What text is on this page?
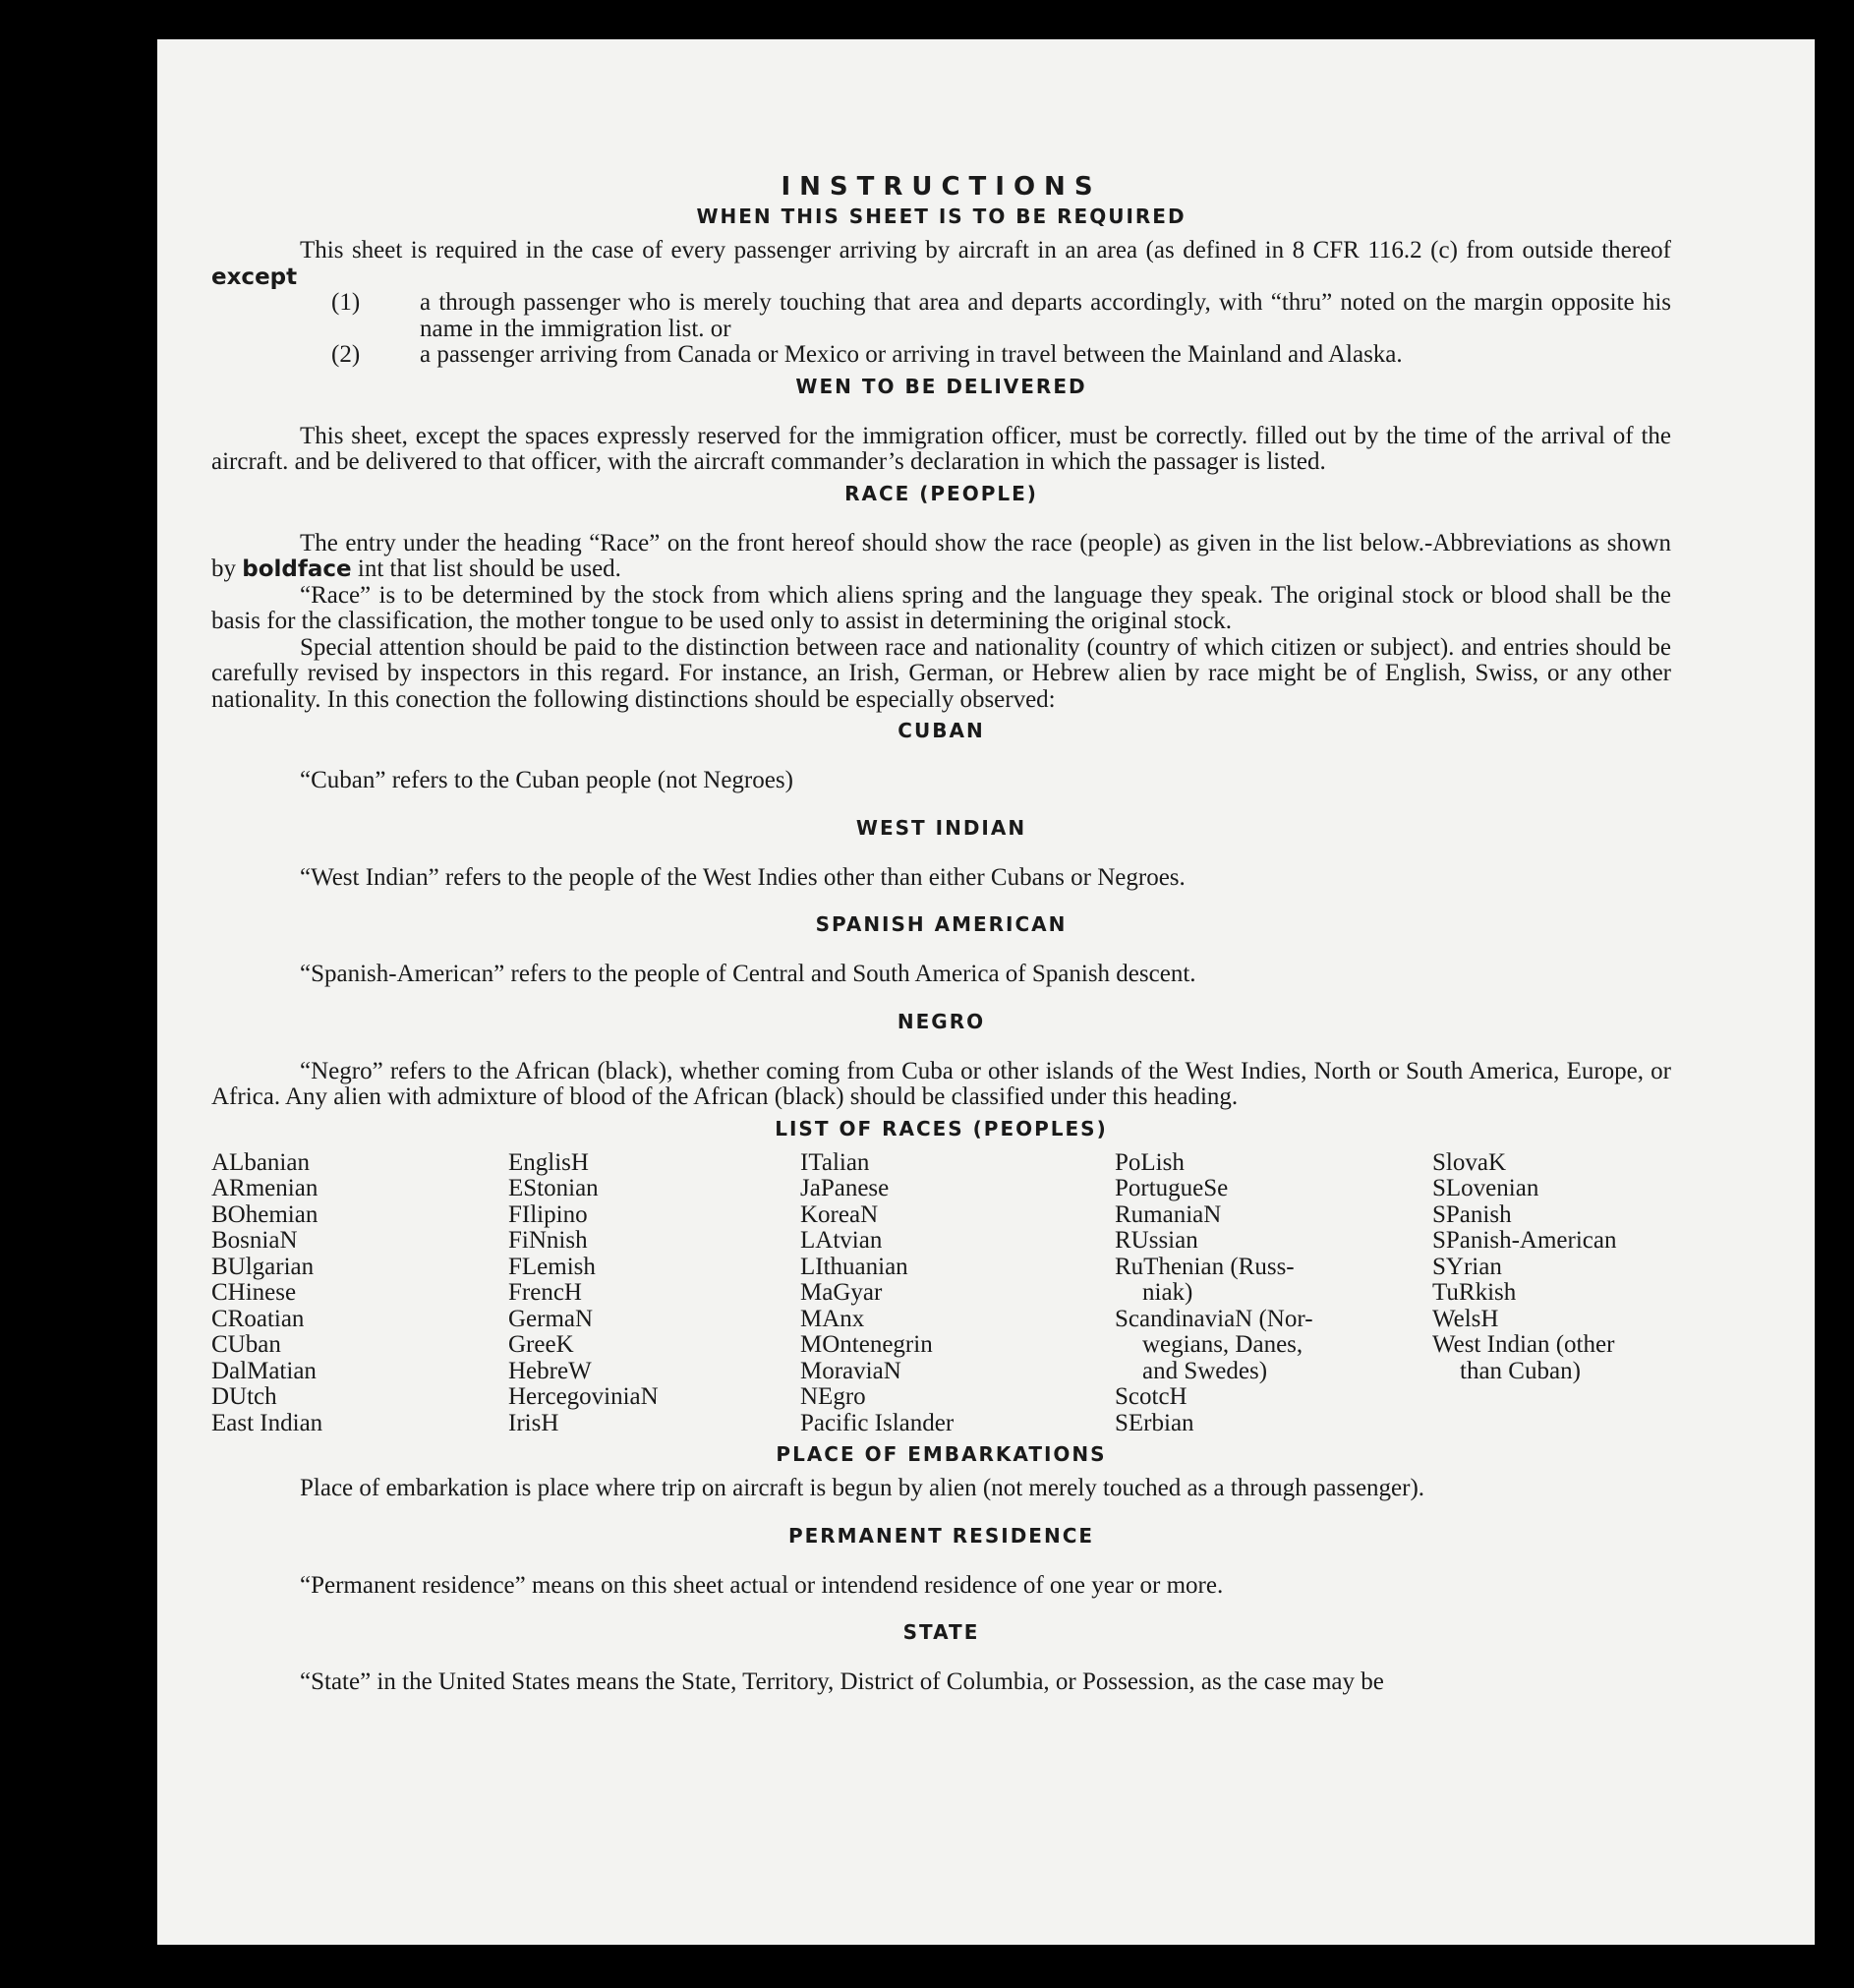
INSTRUCTIONS
WHEN THIS SHEET IS TO BE REQUIRED

This sheet is required in the case of every passenger arriving by aircraft in an area (as defined in 8 CFR 116.2 (c) from outside thereof except

(1) a through passenger who is merely touching that area and departs accordingly, with “thru” noted on the margin opposite his name in the immigration list. or

(2) a passenger arriving from Canada or Mexico or arriving in travel between the Mainland and Alaska.

WEN TO BE DELIVERED

This sheet, except the spaces expressly reserved for the immigration officer, must be correctly. filled out by the time of the arrival of the aircraft. and be delivered to that officer, with the aircraft commander’s declaration in which the passager is listed.

RACE (PEOPLE)

The entry under the heading “Race” on the front hereof should show the race (people) as given in the list below.-Abbreviations as shown by boldface int that list should be used.

“Race” is to be determined by the stock from which aliens spring and the language they speak. The original stock or blood shall be the basis for the classification, the mother tongue to be used only to assist in determining the original stock.

Special attention should be paid to the distinction between race and nationality (country of which citizen or subject). and entries should be carefully revised by inspectors in this regard. For instance, an Irish, German, or Hebrew alien by race might be of English, Swiss, or any other nationality. In this conection the following distinctions should be especially observed:

CUBAN

“Cuban” refers to the Cuban people (not Negroes)

WEST INDIAN

“West Indian” refers to the people of the West Indies other than either Cubans or Negroes.

SPANISH AMERICAN

“Spanish-American” refers to the people of Central and South America of Spanish descent.

NEGRO

“Negro” refers to the African (black), whether coming from Cuba or other islands of the West Indies, North or South America, Europe, or Africa. Any alien with admixture of blood of the African (black) should be classified under this heading.

LIST OF RACES (PEOPLES)
ALbanian
ARmenian
BOhemian
BosniaN
BUlgarian
CHinese
CRoatian
CUban
DalMatian
DUtch
East Indian
EnglisH
EStonian
FIlipino
FiNnish
FLemish
FrencH
GermaN
GreeK
HebreW
HercegoviniaN
IrisH
ITalian
JaPanese
KoreaN
LAtvian
LIthuanian
MaGyar
MAnx
MOntenegrin
MoraviaN
NEgro
Pacific Islander
PoLish
PortugueSe
RumaniaN
RUssian
RuThenian (Russ-
niak)
ScandinaviaN (Nor-
wegians, Danes,
and Swedes)
ScotcH
SErbian
SlovaK
SLovenian
SPanish
SPanish-American
SYrian
TuRkish
WelsH
West Indian (other
than Cuban)
PLACE OF EMBARKATIONS

Place of embarkation is place where trip on aircraft is begun by alien (not merely touched as a through passenger).

PERMANENT RESIDENCE

“Permanent residence” means on this sheet actual or intendend residence of one year or more.

STATE

“State” in the United States means the State, Territory, District of Columbia, or Possession, as the case may be
